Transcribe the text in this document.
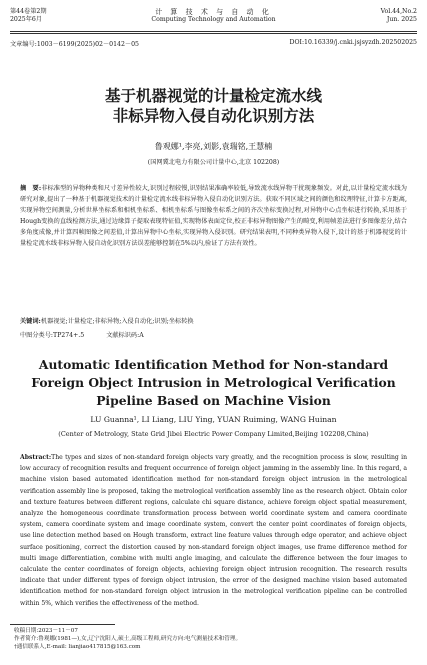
第44卷第2期
2025年6月
计 算 技 术 与 自 动 化
Computing Technology and Automation
Vol.44,No.2
Jun. 2025
文章编号:1003－6199(2025)02－0142－05	DOI:10.16339/j.cnki.jsjsyzdh.202502025
基于机器视觉的计量检定流水线
非标异物入侵自动化识别方法
鲁观娜¹,李亮,刘影,袁瑞铭,王慧楠
(国网冀北电力有限公司计量中心,北京 102208)
摘　要:非标准型的异物种类和尺寸差异性较大,识别过程较慢,识别结果准确率较低,导致流水线异物干扰现象频发。对此,以计量检定流水线为研究对象,提出了一种基于机器视觉技术的计量检定流水线非标异物入侵自动化识别方法。获取不同区域之间的颜色和纹理特征,计算卡方距离,实现异物空间测量,分析世界坐标系和相机坐标系、相机坐标系与图像坐标系之间的齐次坐标变换过程,对异物中心点坐标进行转换,采用基于Hough变换的直线检测方法,通过边缘算子提取表现特征值,实现物体表面定位,校正非标异物图像产生的畸变,利用帧差法进行多图像差分,结合多角度成像,并计算四帧图像之间差值,计算出异物中心坐标,实现异物入侵识别。研究结果表明,不同种类异物入侵下,设计的基于机器视觉的计量检定流水线非标异物入侵自动化识别方法误差能够控制在5%以内,验证了方法有效性。
关键词:机器视觉;计量检定;非标异物;入侵自动化;识别;坐标转换
中图分类号:TP274+.5	文献标识码:A
Automatic Identification Method for Non-standard
Foreign Object Intrusion in Metrological Verification
Pipeline Based on Machine Vision
LU Guanna¹, LI Liang, LIU Ying, YUAN Ruiming, WANG Huinan
(Center of Metrology, State Grid Jibei Electric Power Company Limited,Beijing 102208,China)
Abstract:The types and sizes of non-standard foreign objects vary greatly, and the recognition process is slow, resulting in low accuracy of recognition results and frequent occurrence of foreign object jamming in the assembly line. In this regard, a machine vision based automated identification method for non-standard foreign object intrusion in the metrological verification assembly line is proposed, taking the metrological verification assembly line as the research object. Obtain color and texture features between different regions, calculate chi square distance, achieve foreign object spatial measurement, analyze the homogeneous coordinate transformation process between world coordinate system and camera coordinate system, camera coordinate system and image coordinate system, convert the center point coordinates of foreign objects, use line detection method based on Hough transform, extract line feature values through edge operator, and achieve object surface positioning, correct the distortion caused by non-standard foreign object images, use frame difference method for multi image differentiation, combine with multi angle imaging, and calculate the difference between the four images to calculate the center coordinates of foreign objects, achieving foreign object intrusion recognition. The research results indicate that under different types of foreign object intrusion, the error of the designed machine vision based automated identification method for non-standard foreign object intrusion in the metrological verification pipeline can be controlled within 5%, which verifies the effectiveness of the method.
收稿日期:2023－11－07
作者简介:鲁观娜(1981—),女,辽宁沈阳人,硕士,高级工程师,研究方向:电气测量技术和管理。
†通信联系人,E-mail: lianjiao417815@163.com
